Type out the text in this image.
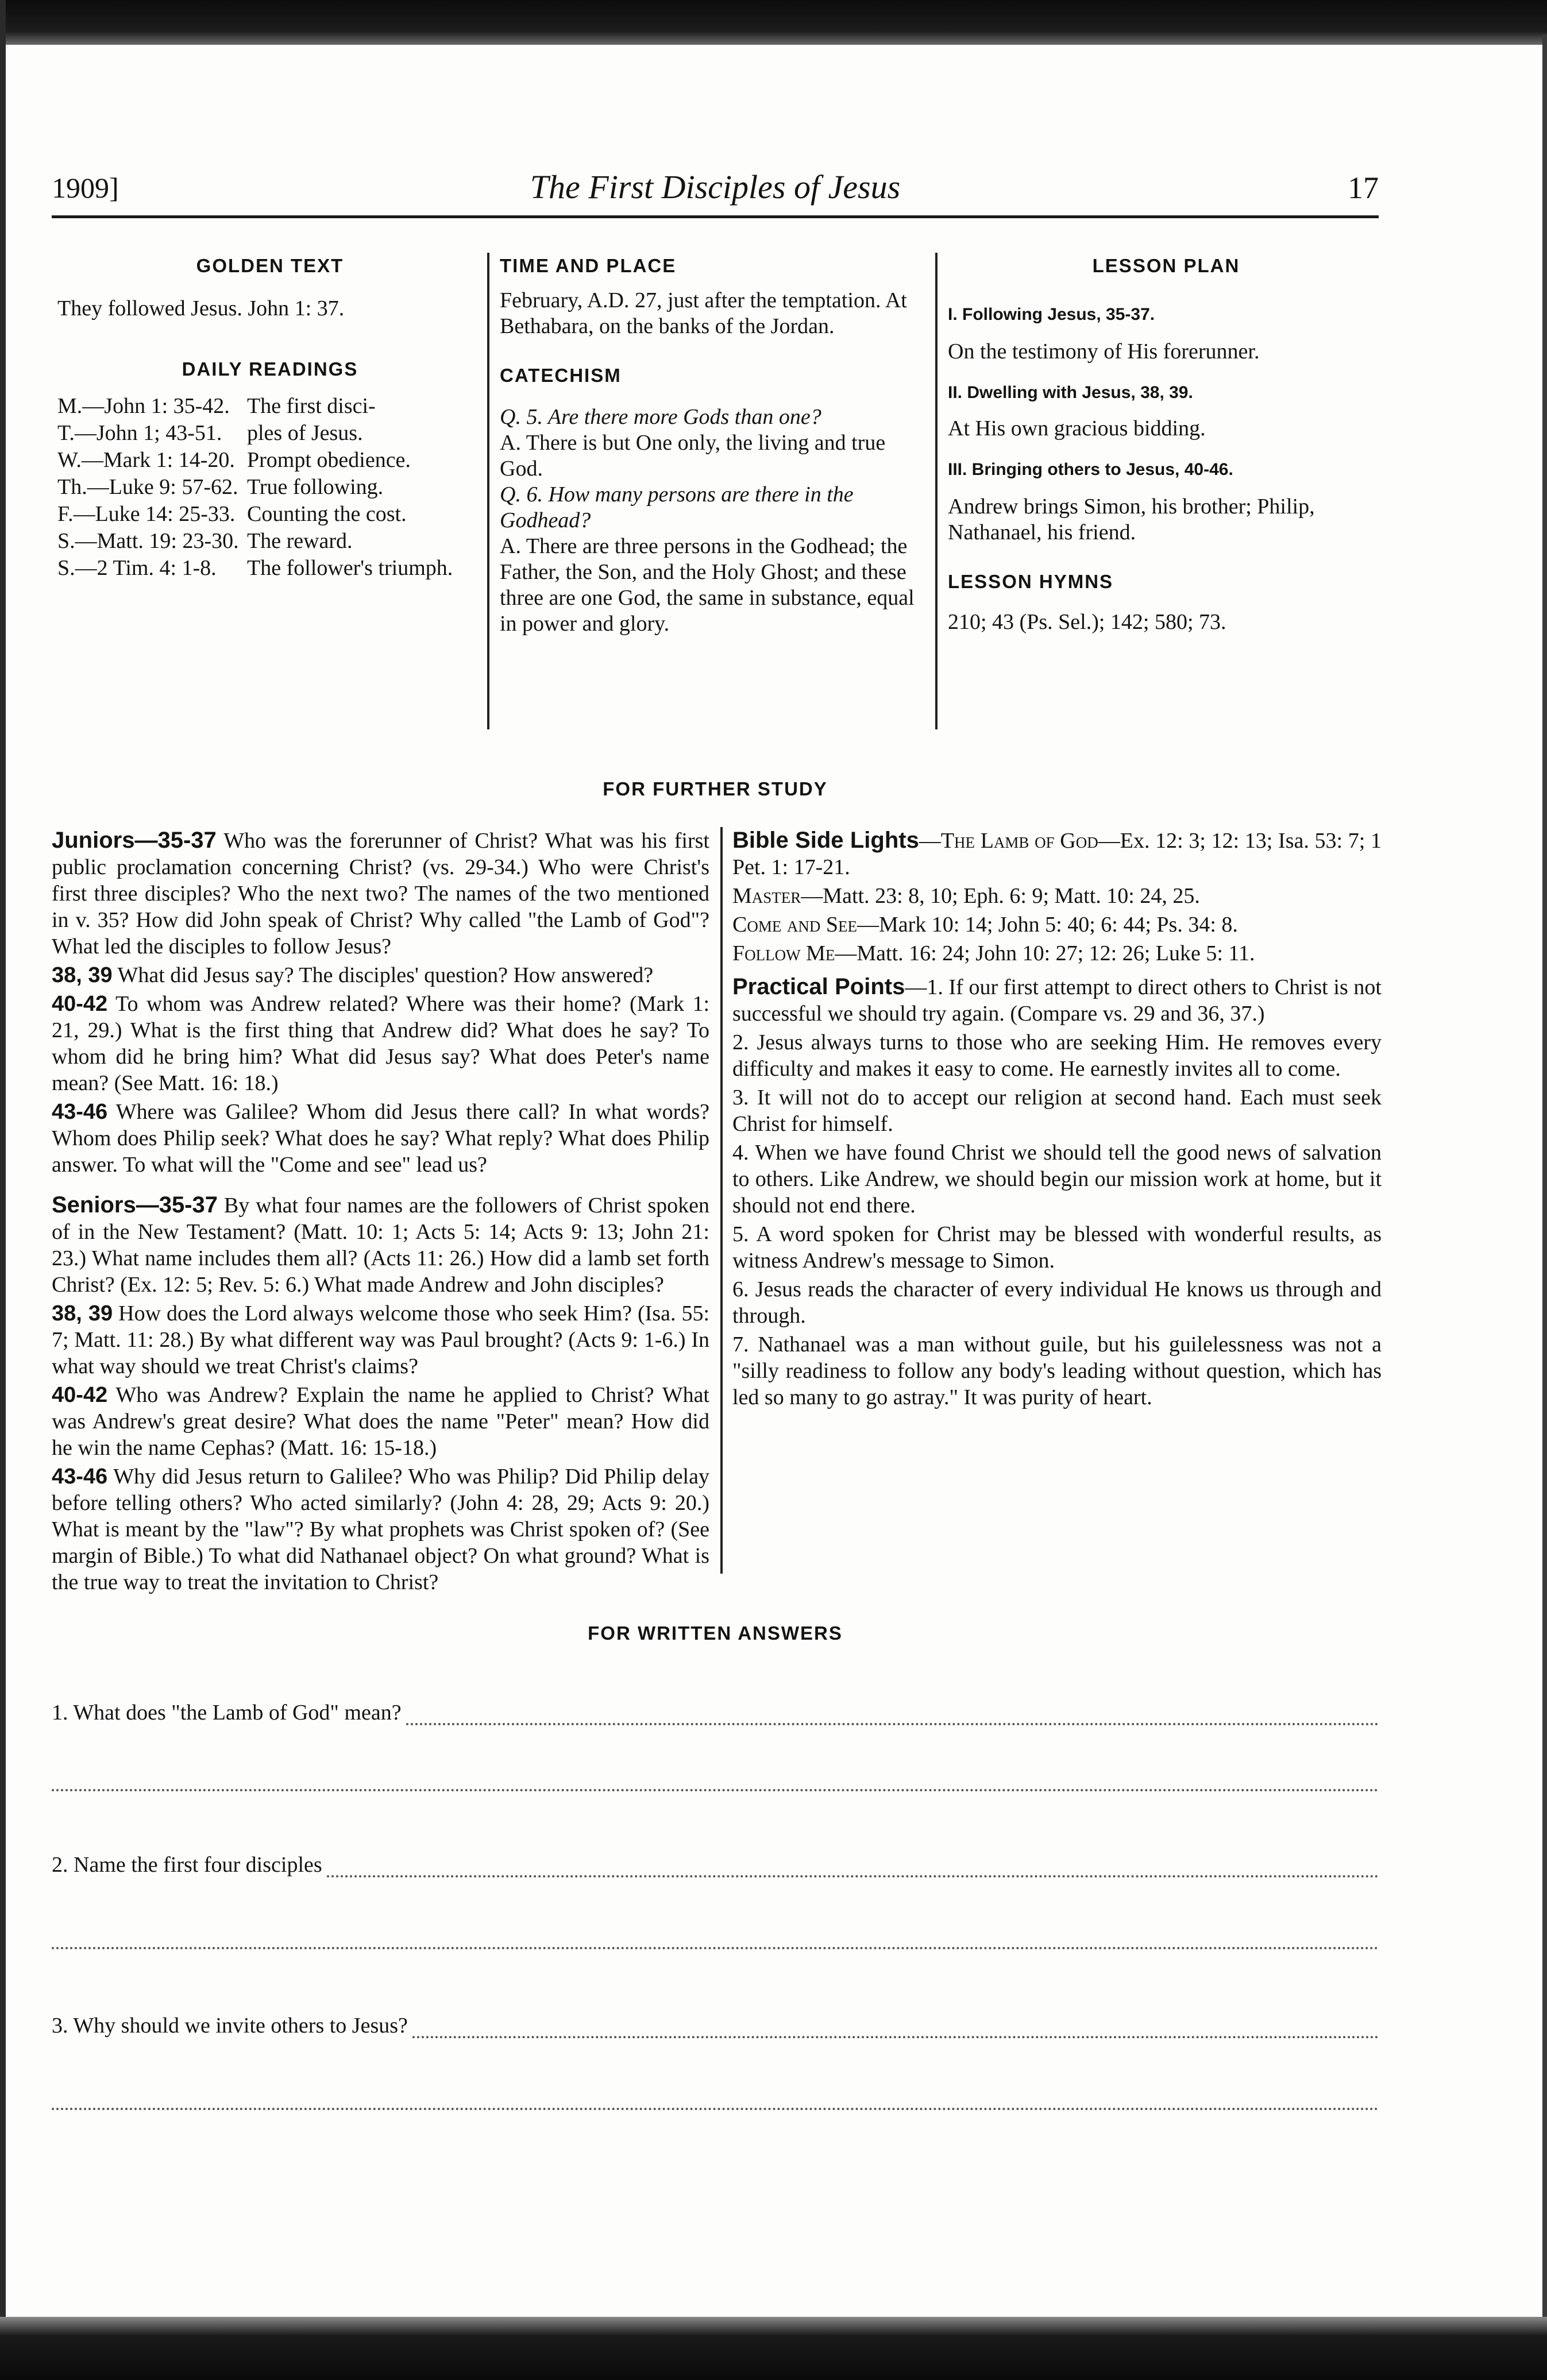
1909]	The First Disciples of Jesus	17
GOLDEN TEXT
They followed Jesus. John 1: 37.
DAILY READINGS
M.—John 1: 35-42. The first disci-
T.—John 1; 43-51.	ples of Jesus.
W.—Mark 1: 14-20. Prompt obedience.
Th.—Luke 9: 57-62. True following.
F.—Luke 14: 25-33. Counting the cost.
S.—Matt. 19: 23-30. The reward.
S.—2 Tim. 4: 1-8.	The follower's triumph.
TIME AND PLACE
February, A.D. 27, just after the temptation. At Bethabara, on the banks of the Jordan.
CATECHISM
Q. 5. Are there more Gods than one?
A. There is but One only, the living and true God.
Q. 6. How many persons are there in the Godhead?
A. There are three persons in the Godhead; the Father, the Son, and the Holy Ghost; and these three are one God, the same in substance, equal in power and glory.
LESSON PLAN
I. Following Jesus, 35-37.
On the testimony of His forerunner.
II. Dwelling with Jesus, 38, 39.
At His own gracious bidding.
III. Bringing others to Jesus, 40-46.
Andrew brings Simon, his brother; Philip, Nathanael, his friend.
LESSON HYMNS
210; 43 (Ps. Sel.); 142; 580; 73.
FOR FURTHER STUDY

Juniors—35-37 Who was the forerunner of Christ? What was his first public proclamation concerning Christ? (vs. 29-34.) Who were Christ's first three disciples? Who the next two? The names of the two mentioned in v. 35? How did John speak of Christ? Why called "the Lamb of God"? What led the disciples to follow Jesus?

38, 39 What did Jesus say? The disciples' question? How answered?

40-42 To whom was Andrew related? Where was their home? (Mark 1: 21, 29.) What is the first thing that Andrew did? What does he say? To whom did he bring him? What did Jesus say? What does Peter's name mean? (See Matt. 16: 18.)

43-46 Where was Galilee? Whom did Jesus there call? In what words? Whom does Philip seek? What does he say? What reply? What does Philip answer. To what will the "Come and see" lead us?

Seniors—35-37 By what four names are the followers of Christ spoken of in the New Testament? (Matt. 10: 1; Acts 5: 14; Acts 9: 13; John 21: 23.) What name includes them all? (Acts 11: 26.) How did a lamb set forth Christ? (Ex. 12: 5; Rev. 5: 6.) What made Andrew and John disciples?

38, 39 How does the Lord always welcome those who seek Him? (Isa. 55: 7; Matt. 11: 28.) By what different way was Paul brought? (Acts 9: 1-6.) In what way should we treat Christ's claims?

40-42 Who was Andrew? Explain the name he applied to Christ? What was Andrew's great desire? What does the name "Peter" mean? How did he win the name Cephas? (Matt. 16: 15-18.)

43-46 Why did Jesus return to Galilee? Who was Philip? Did Philip delay before telling others? Who acted similarly? (John 4: 28, 29; Acts 9: 20.) What is meant by the "law"? By what prophets was Christ spoken of? (See margin of Bible.) To what did Nathanael object? On what ground? What is the true way to treat the invitation to Christ?

Bible Side Lights—The Lamb of God—Ex. 12: 3; 12: 13; Isa. 53: 7; 1 Pet. 1: 17-21.

Master—Matt. 23: 8, 10; Eph. 6: 9; Matt. 10: 24, 25.

Come and See—Mark 10: 14; John 5: 40; 6: 44; Ps. 34: 8.

Follow Me—Matt. 16: 24; John 10: 27; 12: 26; Luke 5: 11.

Practical Points—1. If our first attempt to direct others to Christ is not successful we should try again. (Compare vs. 29 and 36, 37.)

2. Jesus always turns to those who are seeking Him. He removes every difficulty and makes it easy to come. He earnestly invites all to come.

3. It will not do to accept our religion at second hand. Each must seek Christ for himself.

4. When we have found Christ we should tell the good news of salvation to others. Like Andrew, we should begin our mission work at home, but it should not end there.

5. A word spoken for Christ may be blessed with wonderful results, as witness Andrew's message to Simon.

6. Jesus reads the character of every individual He knows us through and through.

7. Nathanael was a man without guile, but his guilelessness was not a "silly readiness to follow any body's leading without question, which has led so many to go astray." It was purity of heart.

FOR WRITTEN ANSWERS
1. What does "the Lamb of God" mean?
2. Name the first four disciples
3. Why should we invite others to Jesus?
